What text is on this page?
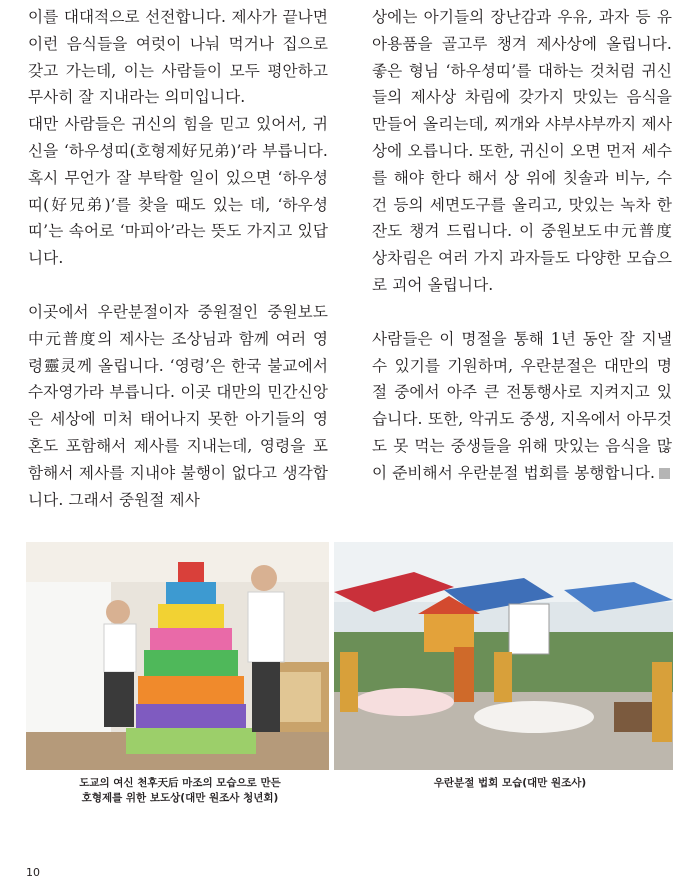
이를 대대적으로 선전합니다. 제사가 끝나면 이런 음식들을 여럿이 나눠 먹거나 집으로 갖고 가는데, 이는 사람들이 모두 평안하고 무사히 잘 지내라는 의미입니다.

대만 사람들은 귀신의 힘을 믿고 있어서, 귀신을 ‘하우셩띠(호형제好兄弟)’라 부릅니다. 혹시 무언가 잘 부탁할 일이 있으면 ‘하우셩띠(好兄弟)’를 찾을 때도 있는 데, ‘하우셩띠’는 속어로 ‘마피아’라는 뜻도 가지고 있답니다.

이곳에서 우란분절이자 중원절인 중원보도中元普度의 제사는 조상님과 함께 여러 영령靈灵께 올립니다. ‘영령’은 한국 불교에서 수자영가라 부릅니다. 이곳 대만의 민간신앙은 세상에 미처 태어나지 못한 아기들의 영혼도 포함해서 제사를 지내는데, 영령을 포함해서 제사를 지내야 불행이 없다고 생각합니다. 그래서 중원절 제사

상에는 아기들의 장난감과 우유, 과자 등 유아용품을 골고루 챙겨 제사상에 올립니다. 좋은 형님 ‘하우셩띠’를 대하는 것처럼 귀신들의 제사상 차림에 갖가지 맛있는 음식을 만들어 올리는데, 찌개와 샤부샤부까지 제사상에 오릅니다. 또한, 귀신이 오면 먼저 세수를 해야 한다 해서 상 위에 칫솔과 비누, 수건 등의 세면도구를 올리고, 맛있는 녹차 한 잔도 챙겨 드립니다. 이 중원보도中元普度 상차림은 여러 가지 과자들도 다양한 모습으로 괴어 올립니다.

사람들은 이 명절을 통해 1년 동안 잘 지낼 수 있기를 기원하며, 우란분절은 대만의 명절 중에서 아주 큰 전통행사로 지켜지고 있습니다. 또한, 악귀도 중생, 지옥에서 아무것도 못 먹는 중생들을 위해 맛있는 음식을 많이 준비해서 우란분절 법회를 봉행합니다.

도교의 여신 천후天后 마조의 모습으로 만든
호형제를 위한 보도상(대만 원조사 청년회)
우란분절 법회 모습(대만 원조사)
10
